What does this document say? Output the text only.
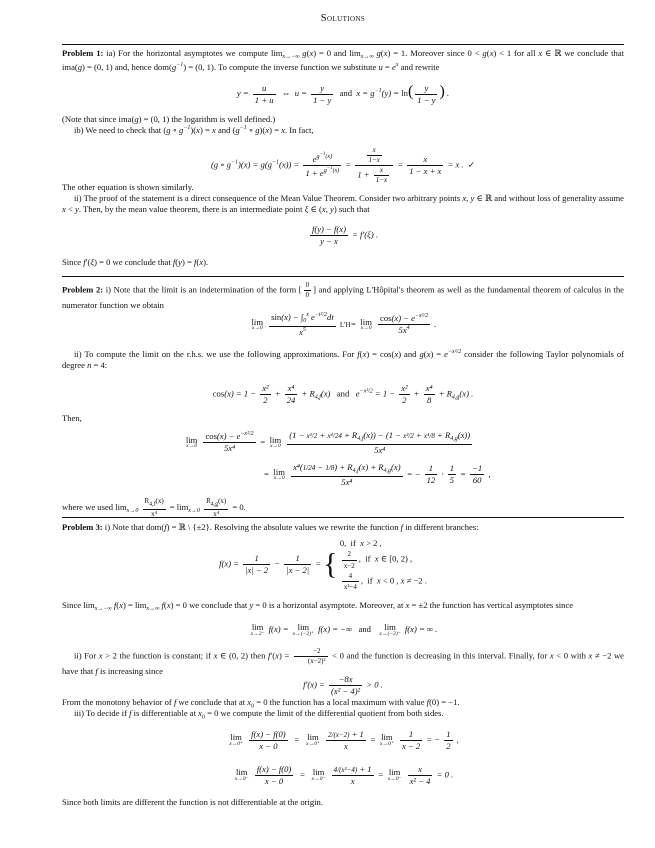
Solutions
Problem 1: ia) For the horizontal asymptotes we compute $\lim_{x\to-\infty} g(x) = 0$ and $\lim_{x\to\infty} g(x) = 1$. Moreover since 0 < g(x) < 1 for all x ∈ ℝ we conclude that ima(g) = (0, 1) and, hence $dom(g^{-1}) = (0$, 1). To compute the inverse function we substitute $u = e^x$ and rewrite
$y = \frac{u}{1 + u}$ ⇔  $u = \frac{y}{1 - y}$ and  $x = g^{-1}(y) = \ln( \frac{y}{1 - y}$ ) .
(Note that since ima(g) = (0, 1) the logarithm is well defined.)
ib) We need to check that (g ∘ $g^{-1})(x) = x$ and ($g^{-1}$ ∘ g)(x) = x. In fact,
(g ∘ $g^{-1})(x) = g(g^{-1}(x)) = \frac{e^{g^{-1}(x)}}{1 + e^{g^{-1}(x)}} = \frac{\frac{x}{1-x}}{1 + \frac{x}{1-x}} = \frac{x}{1 - x + x} = x$ .  ✓
The other equation is shown similarly.
ii) The proof of the statement is a direct consequence of the Mean Value Theorem. Consider two arbitrary points x, y ∈ ℝ and without loss of generality assume x < y. Then, by the mean value theorem, there is an intermediate point ξ ∈ (x, y) such that
$\frac{f(y) - f(x)}{y - x} = f'(\xi)$ .
Since f′(ξ) = 0 we conclude that f(y) = f(x).
Problem 2: i) Note that the limit is an indetermination of the form [ $\frac{0}{0}$ ] and applying L'Hôpital's theorem as well as the fundamental theorem of calculus in the numerator function we obtain
lim
x→0
$\frac{\sin(x) - \int_0^x e^{-t^2/2}dt}{x^5} L'H= \lim$
x→0
$\frac{\cos(x) - e^{-x^2/2}}{5x^4}$ .
ii) To compute the limit on the r.h.s. we use the following approximations. For f(x) = cos(x) and $g(x) = e^{-x^2/2}$ consider the following Taylor polynomials of degree n = 4:
$\cos(x) = 1 - \frac{\text{x²}}{2} + \frac{\text{x⁴}}{24} + R_{4,f}(x)$   and   $e^{-x^2/2} = 1 - \frac{\text{x²}}{2} + \frac{\text{x⁴}}{8} + R_{4,g}(x)$ .
Then,
lim
x→0
$\frac{\cos(x) - e^{-x^2/2}}{\text{5x⁴}} = \lim$
x→0
$\frac{(1 - x^2/2 + x^4/24 + R_{4,f}(x)) - (1 - x^2/2 + x^4/8 + R_{4,g}(x))}{\text{5x⁴}}$
= lim
x→0
$\frac{x^4(1/24 - 1/8) + R_{4,f}(x) + R_{4,g}(x)}{\text{5x⁴}}$ = − $\frac{1}{12} \cdot \frac{1}{5} = \frac{-1}{60}$ ,
where we used $\lim_{x\to 0} \frac{R_{4,f}(x)}{\text{x⁴}} = \lim_{x\to 0} \frac{R_{4,g}(x)}{\text{x⁴}} = 0$.
Problem 3: i) Note that dom(f) = ℝ \ {±2}. Resolving the absolute values we rewrite the function f in different branches:
$f(x) = \frac{1}{|x| - 2} - \frac{1}{|x - 2|}$ = {
0,  if  x > 2 ,
$\frac{2}{x-2}$ ,  if  x ∈ [0, 2) ,
$\frac{4}{\text{x²−4}}$ ,  if  x < 0 , x ≠ −2 .
Since $\lim_{x\to-\infty} f(x) = \lim_{x\to\infty} f(x) = 0$ we conclude that y = 0 is a horizontal asymptote. Moreover, at x = ±2 the function has vertical asymptotes since
lim
x→2⁻ f(x) = lim
x→(−2)⁺ f(x) = −∞   and   lim
x→(−2)⁻ f(x) = ∞ .
ii) For x > 2 the function is constant; if x ∈ (0, 2) then $f'(x) = \frac{-2}{\text{(x−2)²}} < 0$ and the function is decreasing in this interval. Finally, for x < 0 with x ≠ −2 we have that f is increasing since
$f'(x) = \frac{-8x}{\text{(x² − 4)²}} > 0$ .
From the monotony behavior of f we conclude that at $x_0 = 0$ the function has a local maximum with value f(0) = −1.
iii) To decide if f is differentiable at $x_0 = 0$ we compute the limit of the differential quotient from both sides.
lim
x→0⁺
$\frac{f(x) - f(0)}{x - 0} = \lim$
x→0⁺
$\frac{2/(x-2) + 1}{x} = \lim$
x→0⁺
$\frac{1}{x - 2}$ = − $\frac{1}{2}$ ,
lim
x→0⁻
$\frac{f(x) - f(0)}{x - 0} = \lim$
x→0⁻
$\frac{\text{4/(x²−4) + 1}}{x} = \lim$
x→0⁻
$\frac{x}{\text{x² − 4}} = 0$ .
Since both limits are different the function is not differentiable at the origin.
